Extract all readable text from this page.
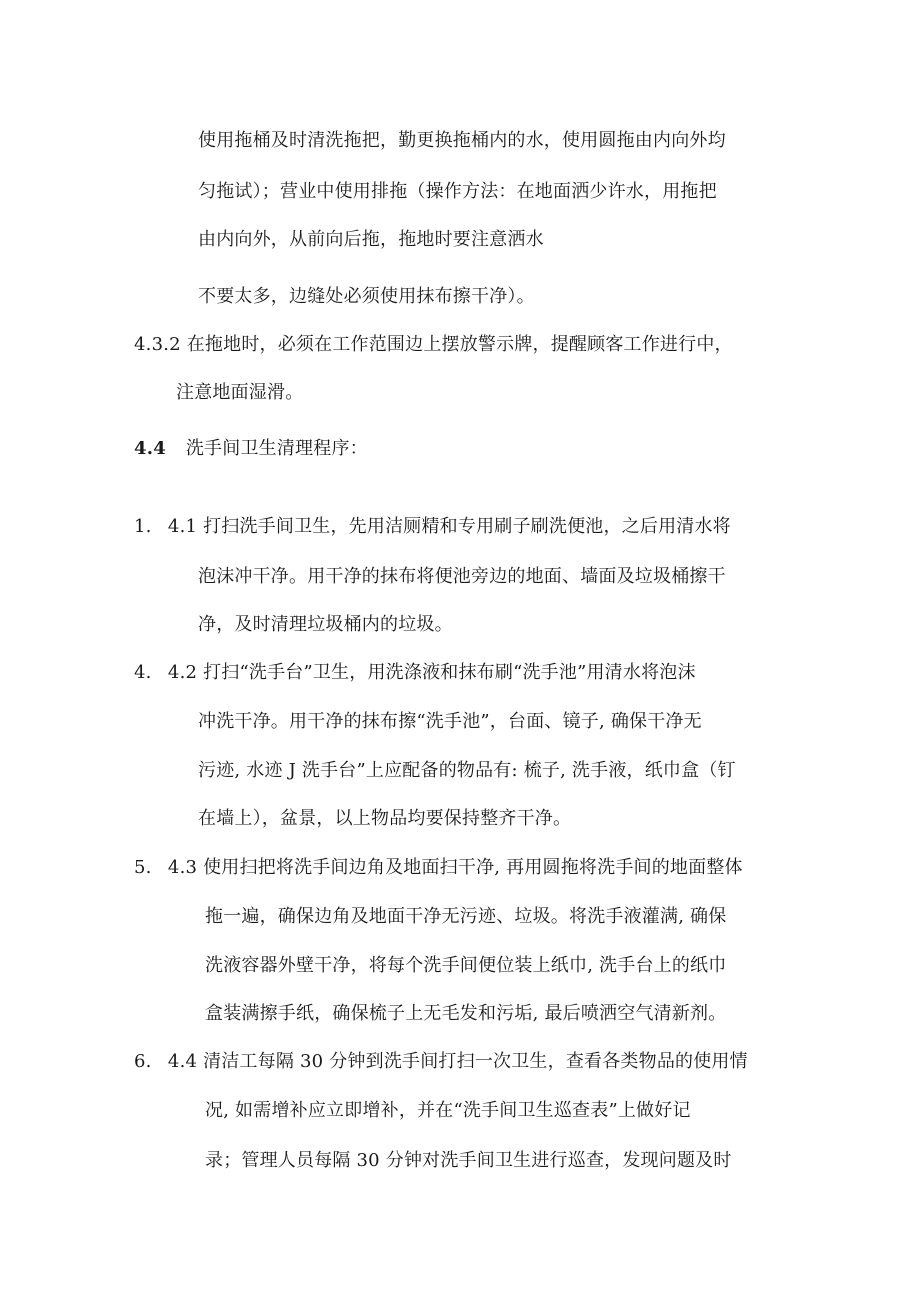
使用拖桶及时清洗拖把，勤更换拖桶内的水，使用圆拖由内向外均
匀拖试）；营业中使用排拖（操作方法：在地面洒少许水，用拖把
由内向外，从前向后拖，拖地时要注意洒水
不要太多，边缝处必须使用抹布擦干净）。
4.3.2 在拖地时，必须在工作范围边上摆放警示牌，提醒顾客工作进行中，
注意地面湿滑。
4.4 洗手间卫生清理程序：
1. 4.1 打扫洗手间卫生，先用洁厕精和专用刷子刷洗便池，之后用清水将
泡沫冲干净。用干净的抹布将便池旁边的地面、墙面及垃圾桶擦干
净，及时清理垃圾桶内的垃圾。
4. 4.2 打扫“洗手台”卫生，用洗涤液和抹布刷“洗手池”用清水将泡沫
冲洗干净。用干净的抹布擦“洗手池”，台面、镜子, 确保干净无
污迹, 水迹 J 洗手台”上应配备的物品有: 梳子, 洗手液，纸巾盒（钉
在墙上），盆景，以上物品均要保持整齐干净。
5. 4.3 使用扫把将洗手间边角及地面扫干净, 再用圆拖将洗手间的地面整体
拖一遍，确保边角及地面干净无污迹、垃圾。将洗手液灌满, 确保
洗液容器外壁干净，将每个洗手间便位装上纸巾, 洗手台上的纸巾
盒装满擦手纸，确保梳子上无毛发和污垢, 最后喷洒空气清新剂。
6. 4.4 清洁工每隔 30 分钟到洗手间打扫一次卫生，查看各类物品的使用情
况, 如需增补应立即增补，并在“洗手间卫生巡查表”上做好记
录；管理人员每隔 30 分钟对洗手间卫生进行巡查，发现问题及时
